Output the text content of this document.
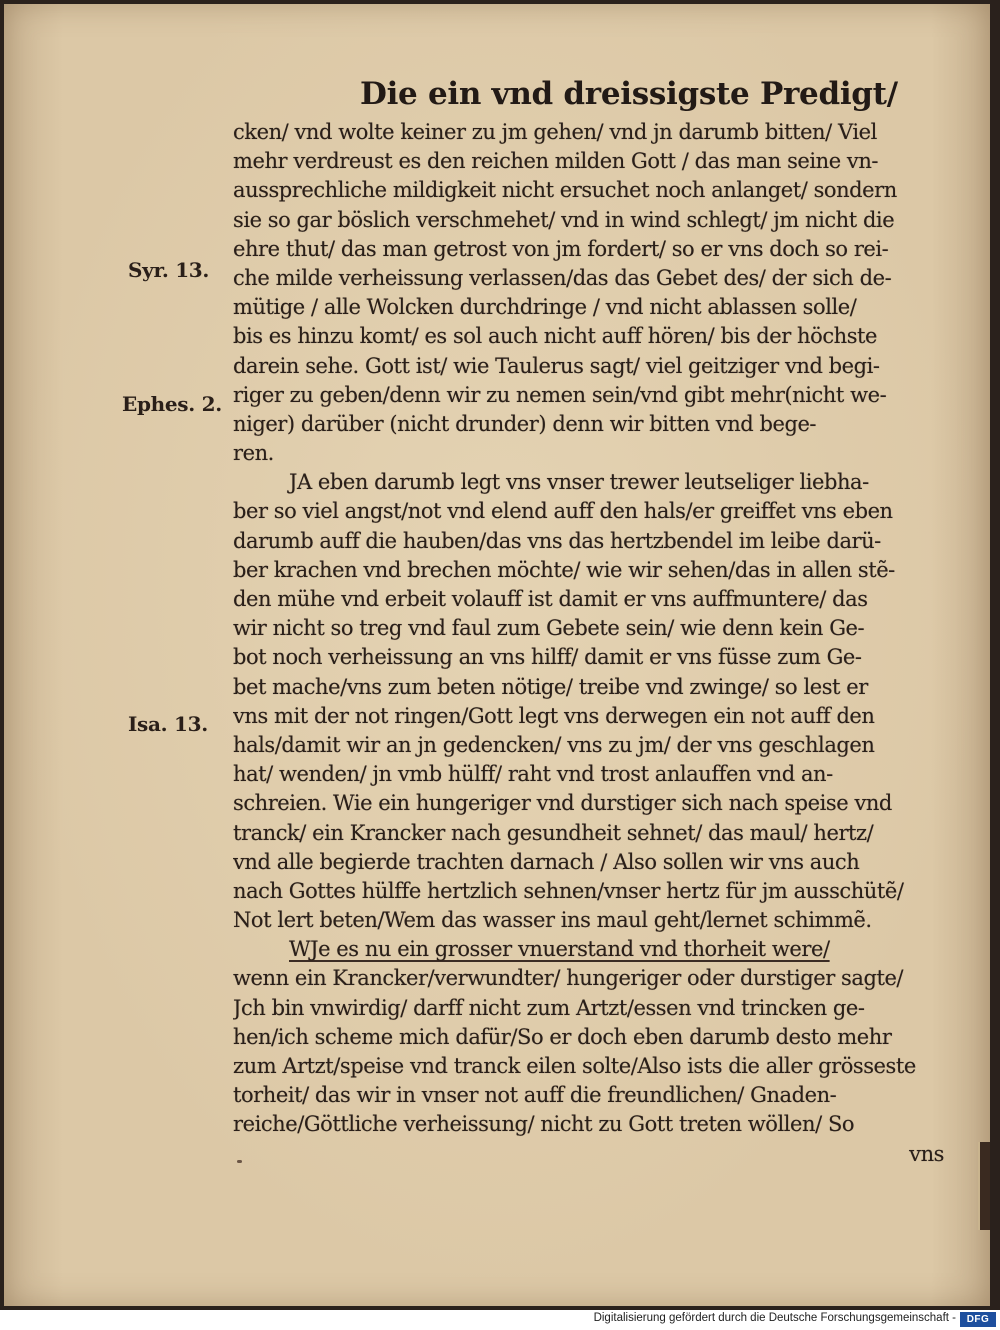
Die ein vnd dreissigste Predigt/
Syr. 13.
Ephes. 2.
Isa. 13.
cken/ vnd wolte keiner zu jm gehen/ vnd jn darumb bitten/ Viel
mehr verdreust es den reichen milden Gott / das man seine vn-
aussprechliche mildigkeit nicht ersuchet noch anlanget/ sondern
sie so gar böslich verschmehet/ vnd in wind schlegt/ jm nicht die
ehre thut/ das man getrost von jm fordert/ so er vns doch so rei-
che milde verheissung verlassen/das das Gebet des/ der sich de-
mütige / alle Wolcken durchdringe / vnd nicht ablassen solle/
bis es hinzu komt/ es sol auch nicht auff hören/ bis der höchste
darein sehe. Gott ist/ wie Taulerus sagt/ viel geitziger vnd begi-
riger zu geben/denn wir zu nemen sein/vnd gibt mehr(nicht we-
niger) darüber (nicht drunder) denn wir bitten vnd bege-
ren.
JA eben darumb legt vns vnser trewer leutseliger liebha-
ber so viel angst/not vnd elend auff den hals/er greiffet vns eben
darumb auff die hauben/das vns das hertzbendel im leibe darü-
ber krachen vnd brechen möchte/ wie wir sehen/das in allen stẽ-
den mühe vnd erbeit volauff ist damit er vns auffmuntere/ das
wir nicht so treg vnd faul zum Gebete sein/ wie denn kein Ge-
bot noch verheissung an vns hilff/ damit er vns füsse zum Ge-
bet mache/vns zum beten nötige/ treibe vnd zwinge/ so lest er
vns mit der not ringen/Gott legt vns derwegen ein not auff den
hals/damit wir an jn gedencken/ vns zu jm/ der vns geschlagen
hat/ wenden/ jn vmb hülff/ raht vnd trost anlauffen vnd an-
schreien. Wie ein hungeriger vnd durstiger sich nach speise vnd
tranck/ ein Krancker nach gesundheit sehnet/ das maul/ hertz/
vnd alle begierde trachten darnach / Also sollen wir vns auch
nach Gottes hülffe hertzlich sehnen/vnser hertz für jm ausschütẽ/
Not lert beten/Wem das wasser ins maul geht/lernet schimmẽ.
WJe es nu ein grosser vnuerstand vnd thorheit were/
wenn ein Krancker/verwundter/ hungeriger oder durstiger sagte/
Jch bin vnwirdig/ darff nicht zum Artzt/essen vnd trincken ge-
hen/ich scheme mich dafür/So er doch eben darumb desto mehr
zum Artzt/speise vnd tranck eilen solte/Also ists die aller grösseste
torheit/ das wir in vnser not auff die freundlichen/ Gnaden-
reiche/Göttliche verheissung/ nicht zu Gott treten wöllen/ So
vns
Digitalisierung gefördert durch die Deutsche Forschungsgemeinschaft -	DFG
